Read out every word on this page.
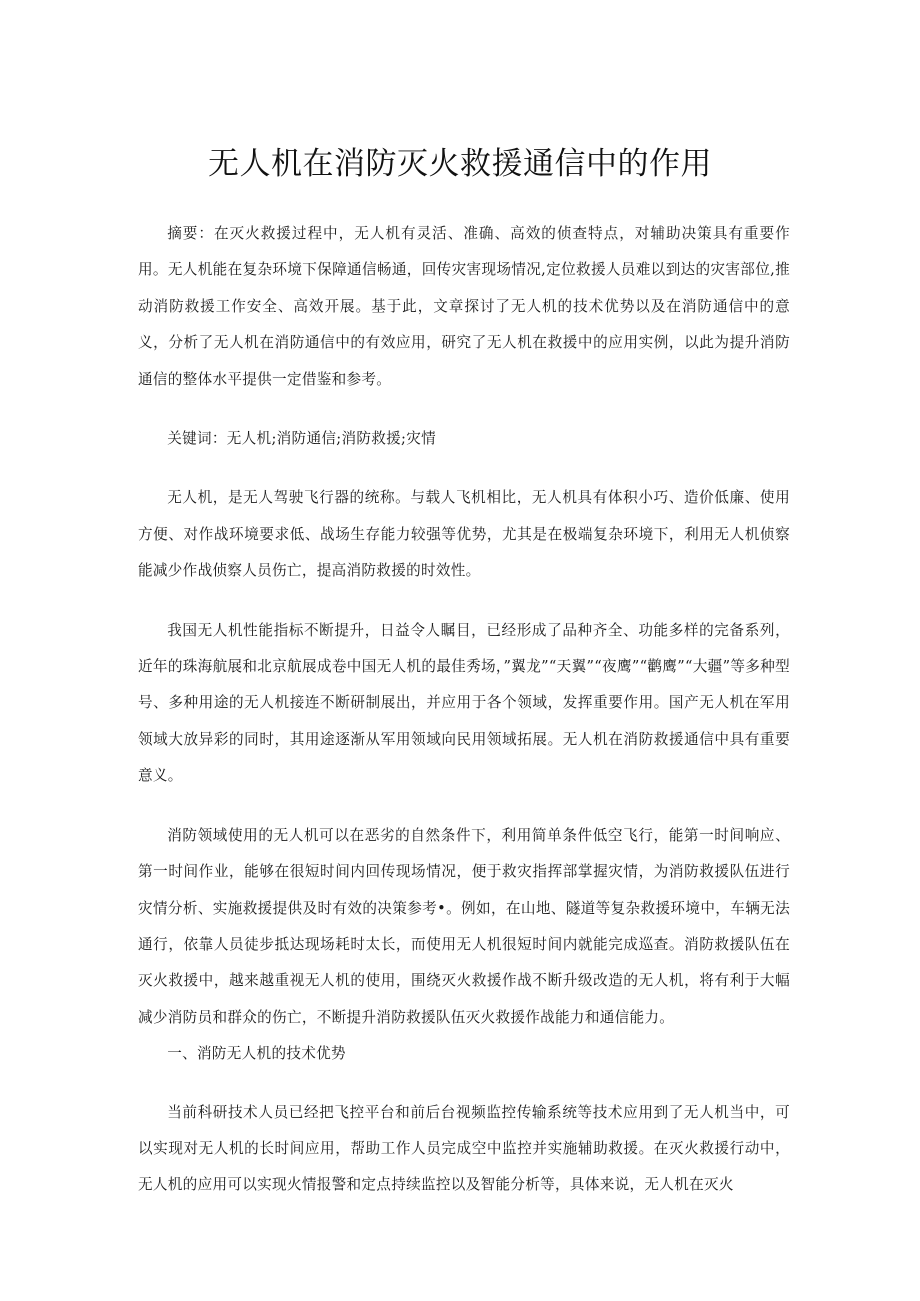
无人机在消防灭火救援通信中的作用

摘要：在灭火救援过程中，无人机有灵活、准确、高效的侦查特点，对辅助决策具有重要作用。无人机能在复杂环境下保障通信畅通，回传灾害现场情况,定位救援人员难以到达的灾害部位,推动消防救援工作安全、高效开展。基于此，文章探讨了无人机的技术优势以及在消防通信中的意义，分析了无人机在消防通信中的有效应用，研究了无人机在救援中的应用实例，以此为提升消防通信的整体水平提供一定借鉴和参考。

关键词：无人机;消防通信;消防救援;灾情

无人机，是无人驾驶飞行器的统称。与载人飞机相比，无人机具有体积小巧、造价低廉、使用方便、对作战环境要求低、战场生存能力较强等优势，尤其是在极端复杂环境下，利用无人机侦察能减少作战侦察人员伤亡，提高消防救援的时效性。

我国无人机性能指标不断提升，日益令人瞩目，已经形成了品种齐全、功能多样的完备系列，近年的珠海航展和北京航展成卷中国无人机的最佳秀场，”翼龙”“天翼”“夜鹰”“鹳鹰”“大疆”等多种型号、多种用途的无人机接连不断研制展出，并应用于各个领域，发挥重要作用。国产无人机在军用领域大放异彩的同时，其用途逐渐从军用领域向民用领域拓展。无人机在消防救援通信中具有重要意义。

消防领域使用的无人机可以在恶劣的自然条件下，利用简单条件低空飞行，能第一时间响应、第一时间作业，能够在很短时间内回传现场情况，便于救灾指挥部掌握灾情，为消防救援队伍进行灾情分析、实施救援提供及时有效的决策参考•。例如，在山地、隧道等复杂救援环境中，车辆无法通行，依靠人员徒步抵达现场耗时太长，而使用无人机很短时间内就能完成巡查。消防救援队伍在灭火救援中，越来越重视无人机的使用，围绕灭火救援作战不断升级改造的无人机，将有利于大幅减少消防员和群众的伤亡，不断提升消防救援队伍灭火救援作战能力和通信能力。

一、消防无人机的技术优势

当前科研技术人员已经把飞控平台和前后台视频监控传输系统等技术应用到了无人机当中，可以实现对无人机的长时间应用，帮助工作人员完成空中监控并实施辅助救援。在灭火救援行动中，无人机的应用可以实现火情报警和定点持续监控以及智能分析等，具体来说，无人机在灭火
